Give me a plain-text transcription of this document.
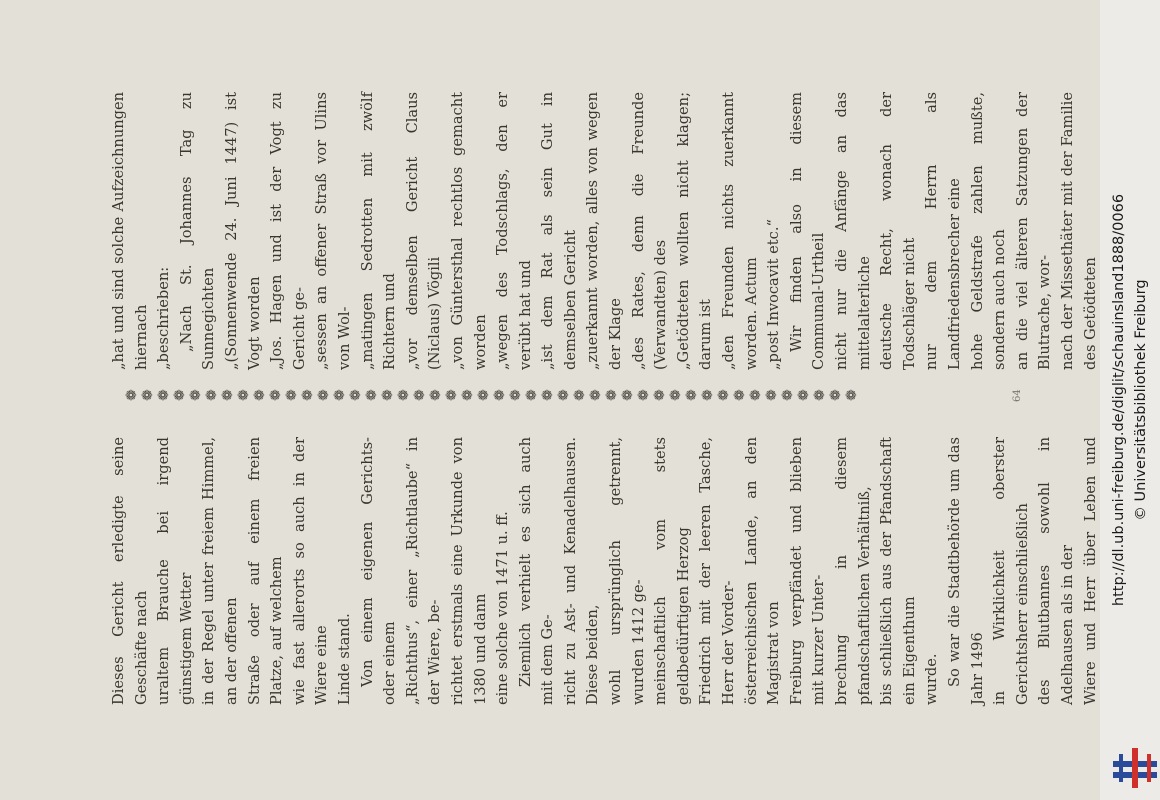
Dieses Gericht erledigte seine Geschäfte nach uraltem Brauche bei irgend günstigem Wetter in der Regel unter freiem Himmel, an der offenen Straße oder auf einem freien Platze, auf welchem wie fast allerorts so auch in der Wiere eine Linde stand. Von einem eigenen Gerichts- oder einem „Richthus“, einer „Richtlaube“ in der Wiere, be- richtet erstmals eine Urkunde von 1380 und dann eine solche von 1471 u. ff. Ziemlich verhielt es sich auch mit dem Ge- richt zu Ast- und Kenadelhausen. Diese beiden, wohl ursprünglich getrennt, wurden 1412 ge- meinschaftlich vom stets geldbedürftigen Herzog Friedrich mit der leeren Tasche, Herr der Vorder- österreichischen Lande, an den Magistrat von Freiburg verpfändet und blieben mit kurzer Unter- brechung in diesem pfandschaftlichen Verhältniß, bis schließlich aus der Pfandschaft ein Eigenthum wurde. So war die Stadtbehörde um das Jahr 1496 in Wirklichkeit oberster Gerichtsherr einschließlich des Blutbannes sowohl in Adelhausen als in der Wiere und Herr über Leben und

❁ ❁ ❁ ❁ ❁ ❁ ❁ ❁ ❁ ❁ ❁ ❁ ❁ ❁ ❁ ❁ ❁ ❁ ❁ ❁ ❁ ❁ ❁ ❁ ❁ ❁ ❁ ❁ ❁ ❁ ❁ ❁ ❁ ❁ ❁ ❁ ❁ ❁ ❁ ❁ ❁ ❁ ❁ ❁ ❁ ❁

„hat und sind solche Aufzeichnungen hiernach „beschrieben: „Nach St. Johannes Tag zu Sunnegichten „(Sonnenwende 24. Juni 1447) ist Vogt worden „Jos. Hagen und ist der Vogt zu Gericht ge- „sessen an offener Straß vor Ulins von Wol- „matingen Sedrotten mit zwölf Richtern und „vor demselben Gericht Claus (Niclaus) Vögili „von Güntersthal rechtlos gemacht worden „wegen des Todschlags, den er verübt hat und „ist dem Rat als sein Gut in demselben Gericht „zuerkannt worden, alles von wegen der Klage „des Rates, denn die Freunde (Verwandten) des „Getödteten wollten nicht klagen; darum ist „den Freunden nichts zuerkannt worden. Actum „post Invocavit etc.“ Wir finden also in diesem Communal-Urtheil nicht nur die Anfänge an das mittelalterliche deutsche Recht, wonach der Todschläger nicht nur dem Herrn als Landfriedensbrecher eine hohe Geldstrafe zahlen mußte, sondern auch noch an die viel älteren Satzungen der Blutrache, wor- nach der Missethäter mit der Familie des Getödteten

64	http://dl.ub.uni-freiburg.de/diglit/schauinsland1888/0066 © Universitätsbibliothek Freiburg
